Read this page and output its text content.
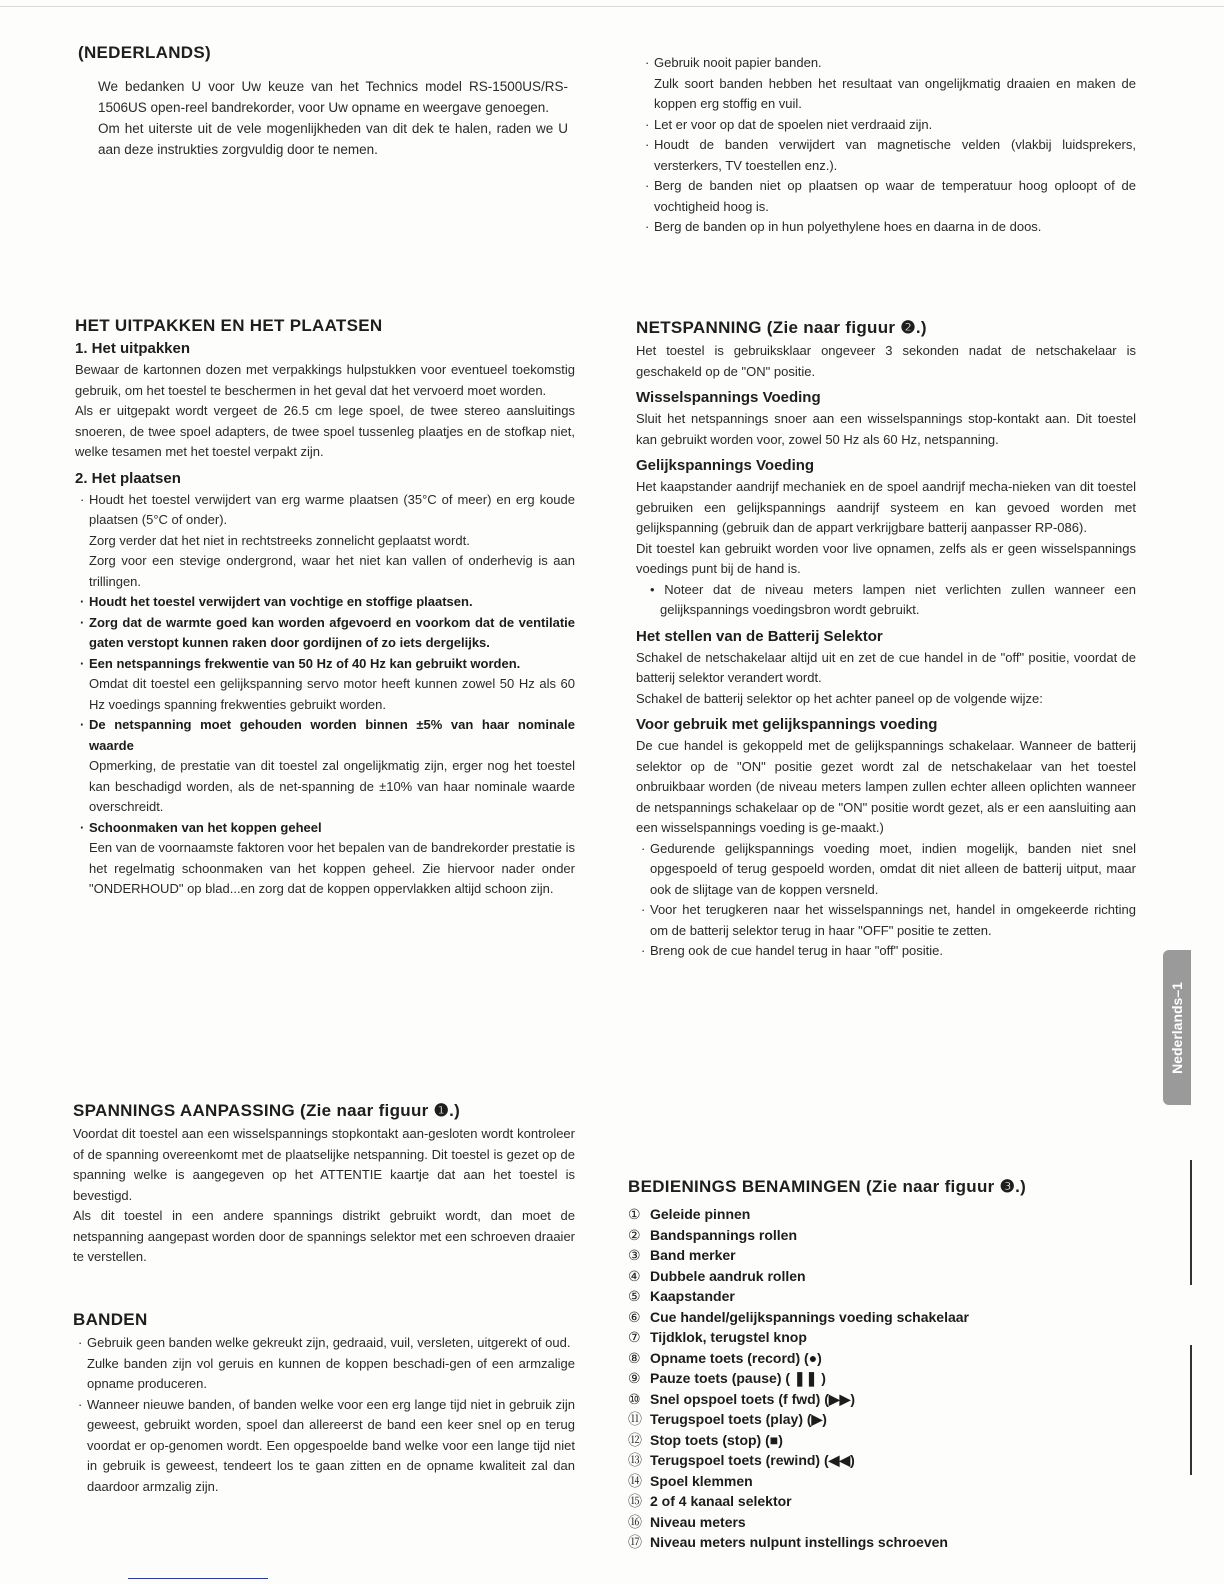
(NEDERLANDS)

We bedanken U voor Uw keuze van het Technics model RS-1500US/RS-1506US open-reel bandrekorder, voor Uw opname en weergave genoegen.
Om het uiterste uit de vele mogenlijkheden van dit dek te halen, raden we U aan deze instrukties zorgvuldig door te nemen.

HET UITPAKKEN EN HET PLAATSEN
1. Het uitpakken

Bewaar de kartonnen dozen met verpakkings hulpstukken voor eventueel toekomstig gebruik, om het toestel te beschermen in het geval dat het vervoerd moet worden.

Als er uitgepakt wordt vergeet de 26.5 cm lege spoel, de twee stereo aansluitings snoeren, de twee spoel adapters, de twee spoel tussenleg plaatjes en de stofkap niet, welke tesamen met het toestel verpakt zijn.

2. Het plaatsen

· Houdt het toestel verwijdert van erg warme plaatsen (35°C of meer) en erg koude plaatsen (5°C of onder).

Zorg verder dat het niet in rechtstreeks zonnelicht geplaatst wordt.

Zorg voor een stevige ondergrond, waar het niet kan vallen of onderhevig is aan trillingen.

· Houdt het toestel verwijdert van vochtige en stoffige plaatsen.

· Zorg dat de warmte goed kan worden afgevoerd en voorkom dat de ventilatie gaten verstopt kunnen raken door gordijnen of zo iets dergelijks.

· Een netspannings frekwentie van 50 Hz of 40 Hz kan gebruikt worden.

Omdat dit toestel een gelijkspanning servo motor heeft kunnen zowel 50 Hz als 60 Hz voedings spanning frekwenties gebruikt worden.

· De netspanning moet gehouden worden binnen ±5% van haar nominale waarde

Opmerking, de prestatie van dit toestel zal ongelijkmatig zijn, erger nog het toestel kan beschadigd worden, als de net-spanning de ±10% van haar nominale waarde overschreidt.

· Schoonmaken van het koppen geheel

Een van de voornaamste faktoren voor het bepalen van de bandrekorder prestatie is het regelmatig schoonmaken van het koppen geheel. Zie hiervoor nader onder "ONDERHOUD" op blad...en zorg dat de koppen oppervlakken altijd schoon zijn.

SPANNINGS AANPASSING (Zie naar figuur ❶.)

Voordat dit toestel aan een wisselspannings stopkontakt aan-gesloten wordt kontroleer of de spanning overeenkomt met de plaatselijke netspanning. Dit toestel is gezet op de spanning welke is aangegeven op het ATTENTIE kaartje dat aan het toestel is bevestigd.

Als dit toestel in een andere spannings distrikt gebruikt wordt, dan moet de netspanning aangepast worden door de spannings selektor met een schroeven draaier te verstellen.

BANDEN

· Gebruik geen banden welke gekreukt zijn, gedraaid, vuil, versleten, uitgerekt of oud.

Zulke banden zijn vol geruis en kunnen de koppen beschadi-gen of een armzalige opname produceren.

· Wanneer nieuwe banden, of banden welke voor een erg lange tijd niet in gebruik zijn geweest, gebruikt worden, spoel dan allereerst de band een keer snel op en terug voordat er op-genomen wordt. Een opgespoelde band welke voor een lange tijd niet in gebruik is geweest, tendeert los te gaan zitten en de opname kwaliteit zal dan daardoor armzalig zijn.

· Gebruik nooit papier banden.
Zulk soort banden hebben het resultaat van ongelijkmatig draaien en maken de koppen erg stoffig en vuil.

· Let er voor op dat de spoelen niet verdraaid zijn.

· Houdt de banden verwijdert van magnetische velden (vlakbij luidsprekers, versterkers, TV toestellen enz.).

· Berg de banden niet op plaatsen op waar de temperatuur hoog oploopt of de vochtigheid hoog is.

· Berg de banden op in hun polyethylene hoes en daarna in de doos.

NETSPANNING (Zie naar figuur ❷.)

Het toestel is gebruiksklaar ongeveer 3 sekonden nadat de netschakelaar is geschakeld op de "ON" positie.

Wisselspannings Voeding

Sluit het netspannings snoer aan een wisselspannings stop-kontakt aan. Dit toestel kan gebruikt worden voor, zowel 50 Hz als 60 Hz, netspanning.

Gelijkspannings Voeding

Het kaapstander aandrijf mechaniek en de spoel aandrijf mecha-nieken van dit toestel gebruiken een gelijkspannings aandrijf systeem en kan gevoed worden met gelijkspanning (gebruik dan de appart verkrijgbare batterij aanpasser RP-086).

Dit toestel kan gebruikt worden voor live opnamen, zelfs als er geen wisselspannings voedings punt bij de hand is.

• Noteer dat de niveau meters lampen niet verlichten zullen wanneer een gelijkspannings voedingsbron wordt gebruikt.

Het stellen van de Batterij Selektor

Schakel de netschakelaar altijd uit en zet de cue handel in de "off" positie, voordat de batterij selektor verandert wordt.

Schakel de batterij selektor op het achter paneel op de volgende wijze:

Voor gebruik met gelijkspannings voeding

De cue handel is gekoppeld met de gelijkspannings schakelaar. Wanneer de batterij selektor op de "ON" positie gezet wordt zal de netschakelaar van het toestel onbruikbaar worden (de niveau meters lampen zullen echter alleen oplichten wanneer de netspannings schakelaar op de "ON" positie wordt gezet, als er een aansluiting aan een wisselspannings voeding is ge-maakt.)

· Gedurende gelijkspannings voeding moet, indien mogelijk, banden niet snel opgespoeld of terug gespoeld worden, omdat dit niet alleen de batterij uitput, maar ook de slijtage van de koppen versneld.

· Voor het terugkeren naar het wisselspannings net, handel in omgekeerde richting om de batterij selektor terug in haar "OFF" positie te zetten.

· Breng ook de cue handel terug in haar "off" positie.

BEDIENINGS BENAMINGEN (Zie naar figuur ❸.)
① Geleide pinnen
② Bandspannings rollen
③ Band merker
④ Dubbele aandruk rollen
⑤ Kaapstander
⑥ Cue handel/gelijkspannings voeding schakelaar
⑦ Tijdklok, terugstel knop
⑧ Opname toets (record) (●)
⑨ Pauze toets (pause) ( ❚❚ )
⑩ Snel opspoel toets (f fwd) (▶▶)
⑪ Terugspoel toets (play) (▶)
⑫ Stop toets (stop) (■)
⑬ Terugspoel toets (rewind) (◀◀)
⑭ Spoel klemmen
⑮ 2 of 4 kanaal selektor
⑯ Niveau meters
⑰ Niveau meters nulpunt instellings schroeven
Nederlands–1
